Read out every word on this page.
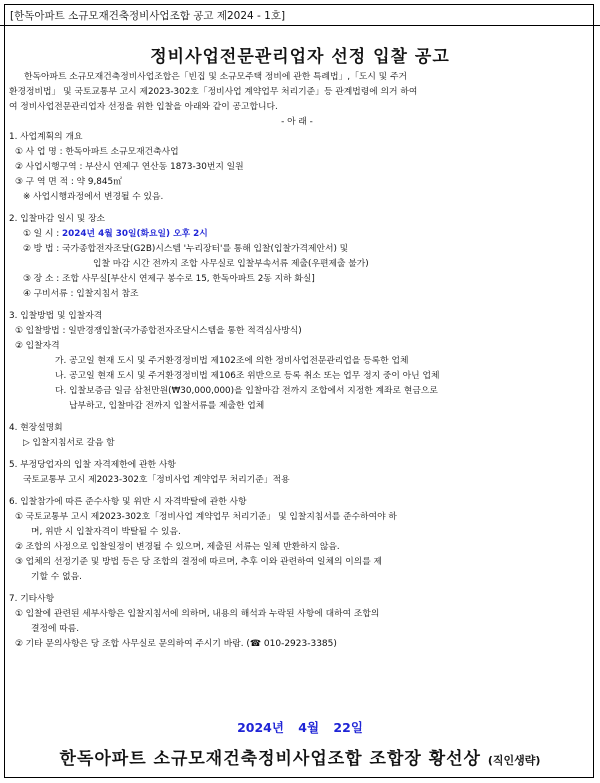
[한독아파트 소규모재건축정비사업조합 공고 제2024 - 1호]
정비사업전문관리업자 선정 입찰 공고

한독아파트 소규모재건축정비사업조합은「빈집 및 소규모주택 정비에 관한 특례법」,「도시 및 주거

환경정비법」 및 국토교통부 고시 제2023-302호「정비사업 계약업무 처리기준」등 관계법령에 의거 하여

여 정비사업전문관리업자 선정을 위한 입찰을 아래와 같이 공고합니다.

- 아 래 -

1. 사업계획의 개요

① 사 업 명 : 한독아파트 소규모재건축사업

② 사업시행구역 : 부산시 연제구 연산동 1873-30번지 일원

③ 구 역 면 적 : 약 9,845㎡

※ 사업시행과정에서 변경될 수 있음.

2. 입찰마감 일시 및 장소

① 일 시 : 2024년 4월 30일(화요일) 오후 2시

② 방 법 : 국가종합전자조달(G2B)시스템 '누리장터'를 통해 입찰(입찰가격제안서) 및

입찰 마감 시간 전까지 조합 사무실로 입찰부속서류 제출(우편제출 불가)

③ 장 소 : 조합 사무실[부산시 연제구 봉수로 15, 한독아파트 2동 지하 화실]

④ 구비서류 : 입찰지침서 참조

3. 입찰방법 및 입찰자격

① 입찰방법 : 일반경쟁입찰(국가종합전자조달시스템을 통한 적격심사방식)

② 입찰자격

가. 공고일 현재 도시 및 주거환경정비법 제102조에 의한 정비사업전문관리업을 등록한 업체

나. 공고일 현재 도시 및 주거환경정비법 제106조 위반으로 등록 취소 또는 업무 정지 중이 아닌 업체

다. 입찰보증금 일금 삼천만원(₩30,000,000)을 입찰마감 전까지 조합에서 지정한 계좌로 현금으로

납부하고, 입찰마감 전까지 입찰서류를 제출한 업체

4. 현장설명회

▷ 입찰지침서로 갈음 함

5. 부정당업자의 입찰 자격제한에 관한 사항

국토교통부 고시 제2023-302호「정비사업 계약업무 처리기준」적용

6. 입찰참가에 따른 준수사항 및 위반 시 자격박탈에 관한 사항

① 국토교통부 고시 제2023-302호「정비사업 계약업무 처리기준」 및 입찰지침서를 준수하여야 하

며, 위반 시 입찰자격이 박탈될 수 있음.

② 조합의 사정으로 입찰일정이 변경될 수 있으며, 제출된 서류는 일체 반환하지 않음.

③ 업체의 선정기준 및 방법 등은 당 조합의 결정에 따르며, 추후 이와 관련하여 일체의 이의를 제

기할 수 없음.

7. 기타사항

① 입찰에 관련된 세부사항은 입찰지침서에 의하며, 내용의 해석과 누락된 사항에 대하여 조합의

결정에 따름.

② 기타 문의사항은 당 조합 사무실로 문의하여 주시기 바람. (☎ 010-2923-3385)

2024년 4월 22일
한독아파트 소규모재건축정비사업조합 조합장 황선상 (직인생략)
